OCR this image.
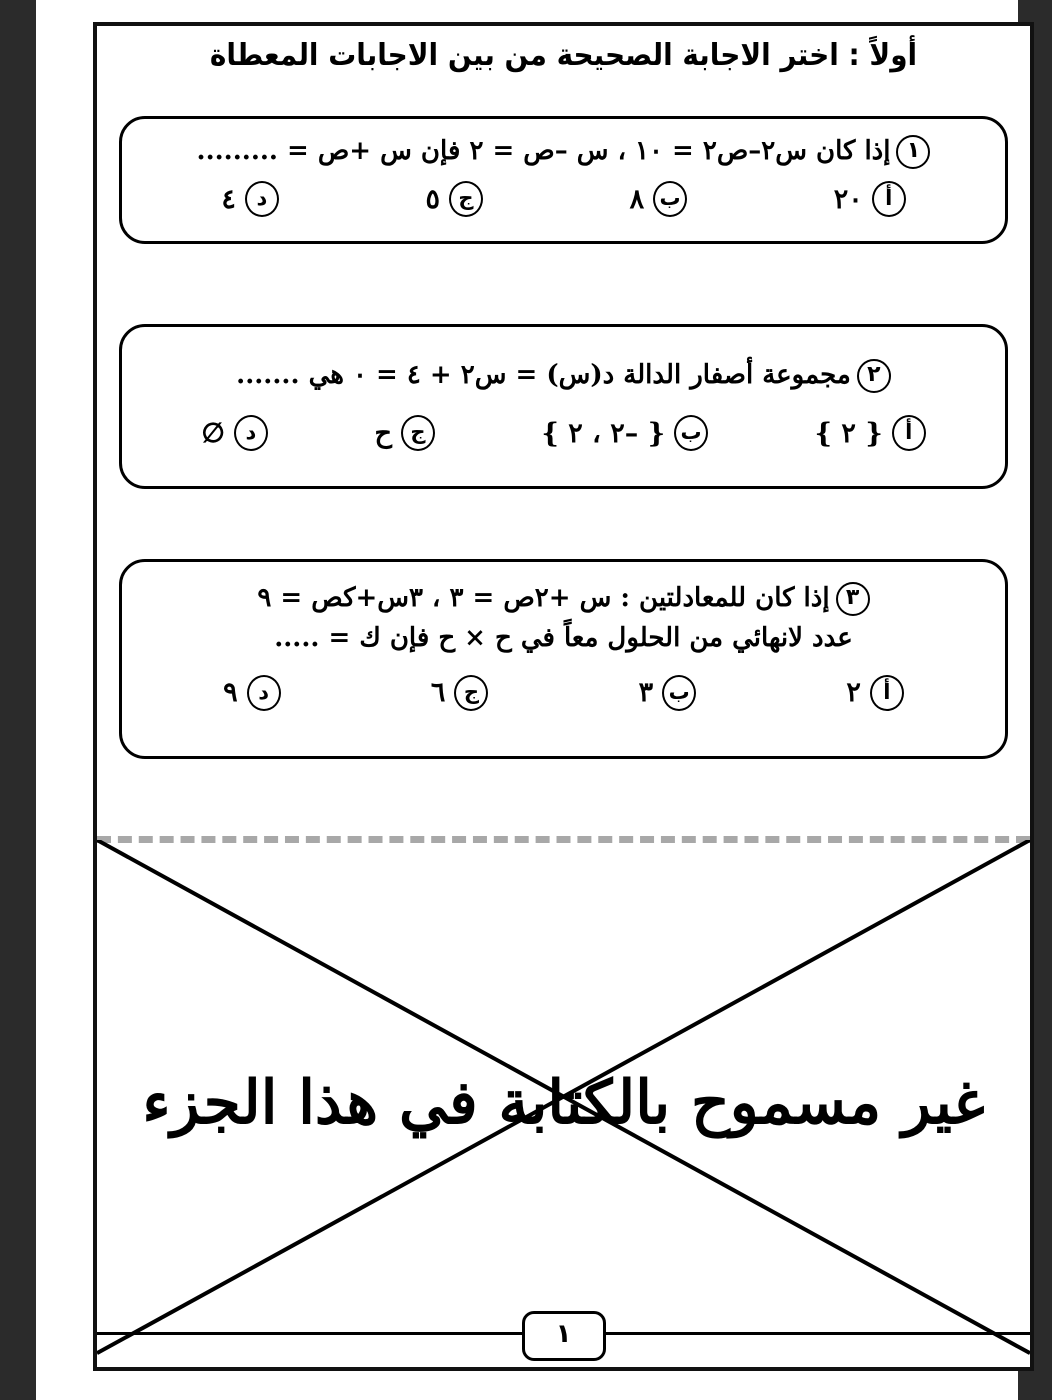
أولاً : اختر الاجابة الصحيحة من بين الاجابات المعطاة
١إذا كان س٢–ص٢ = ١٠ ، س –ص = ٢ فإن س +ص = .........
أ
٢٠
ب
٨
ج
٥
د
٤
٢مجموعة أصفار الدالة د(س) = س٢ + ٤ = ٠ هي .......
أ
{ ٢ }
ب
{ –٢ ، ٢ }
ج
ح
د
∅
٣إذا كان للمعادلتين : س +٢ص = ٣ ، ٣س+كص = ٩
عدد لانهائي من الحلول معاً في ح × ح فإن ك = .....
أ
٢
ب
٣
ج
٦
د
٩
غير مسموح بالكتابة في هذا الجزء
١
